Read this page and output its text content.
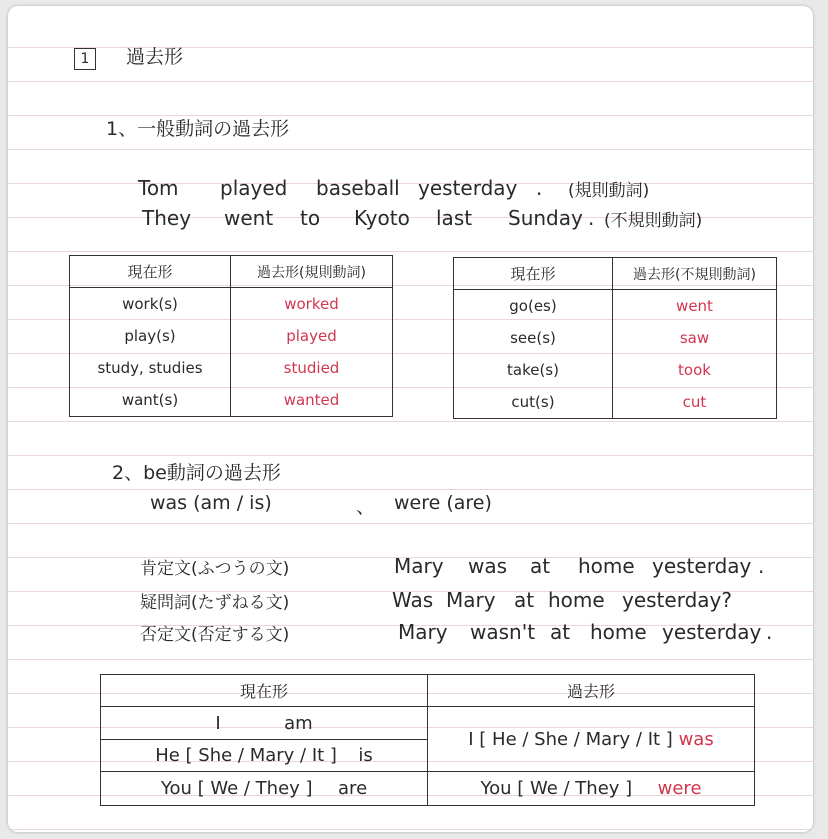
1 過去形
1、一般動詞の過去形
Tom played baseball yesterday . (規則動詞)
They went to Kyoto last Sunday . (不規則動詞)
現在形	過去形(規則動詞)
work(s)	worked
play(s)	played
study, studies	studied
want(s)	wanted
現在形	過去形(不規則動詞)
go(es)	went
see(s)	saw
take(s)	took
cut(s)	cut
2、be動詞の過去形
was (am / is)	、 were (are)
肯定文(ふつうの文)	Mary was at home yesterday .
疑問詞(たずねる文)	Was Mary at home yesterday?
否定文(否定する文)	Mary wasn't at home yesterday .
現在形	過去形
I am	I [ He / She / Mary / It ] was
He [ She / Mary / It ] is	
You [ We / They ] are	You [ We / They ] were
